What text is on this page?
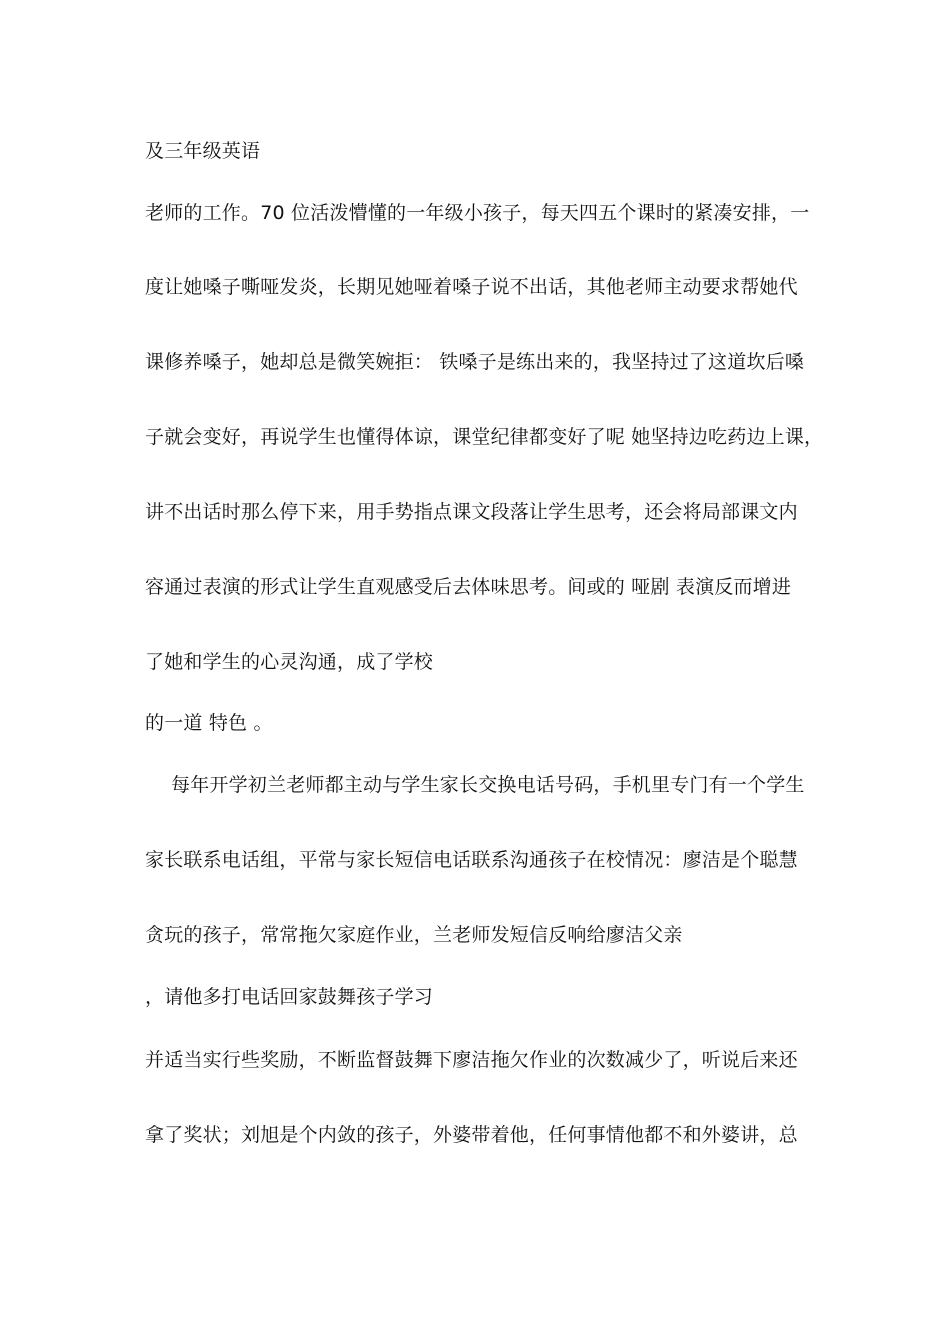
及三年级英语

老师的工作。70 位活泼懵懂的一年级小孩子，每天四五个课时的紧凑安排，一

度让她嗓子嘶哑发炎，长期见她哑着嗓子说不出话，其他老师主动要求帮她代

课修养嗓子，她却总是微笑婉拒： 铁嗓子是练出来的，我坚持过了这道坎后嗓

子就会变好，再说学生也懂得体谅，课堂纪律都变好了呢 她坚持边吃药边上课，

讲不出话时那么停下来，用手势指点课文段落让学生思考，还会将局部课文内

容通过表演的形式让学生直观感受后去体味思考。间或的 哑剧 表演反而增进

了她和学生的心灵沟通，成了学校

的一道 特色 。

每年开学初兰老师都主动与学生家长交换电话号码，手机里专门有一个学生

家长联系电话组，平常与家长短信电话联系沟通孩子在校情况：廖洁是个聪慧

贪玩的孩子，常常拖欠家庭作业，兰老师发短信反响给廖洁父亲

，请他多打电话回家鼓舞孩子学习

并适当实行些奖励，不断监督鼓舞下廖洁拖欠作业的次数减少了，听说后来还

拿了奖状；刘旭是个内敛的孩子，外婆带着他，任何事情他都不和外婆讲，总
